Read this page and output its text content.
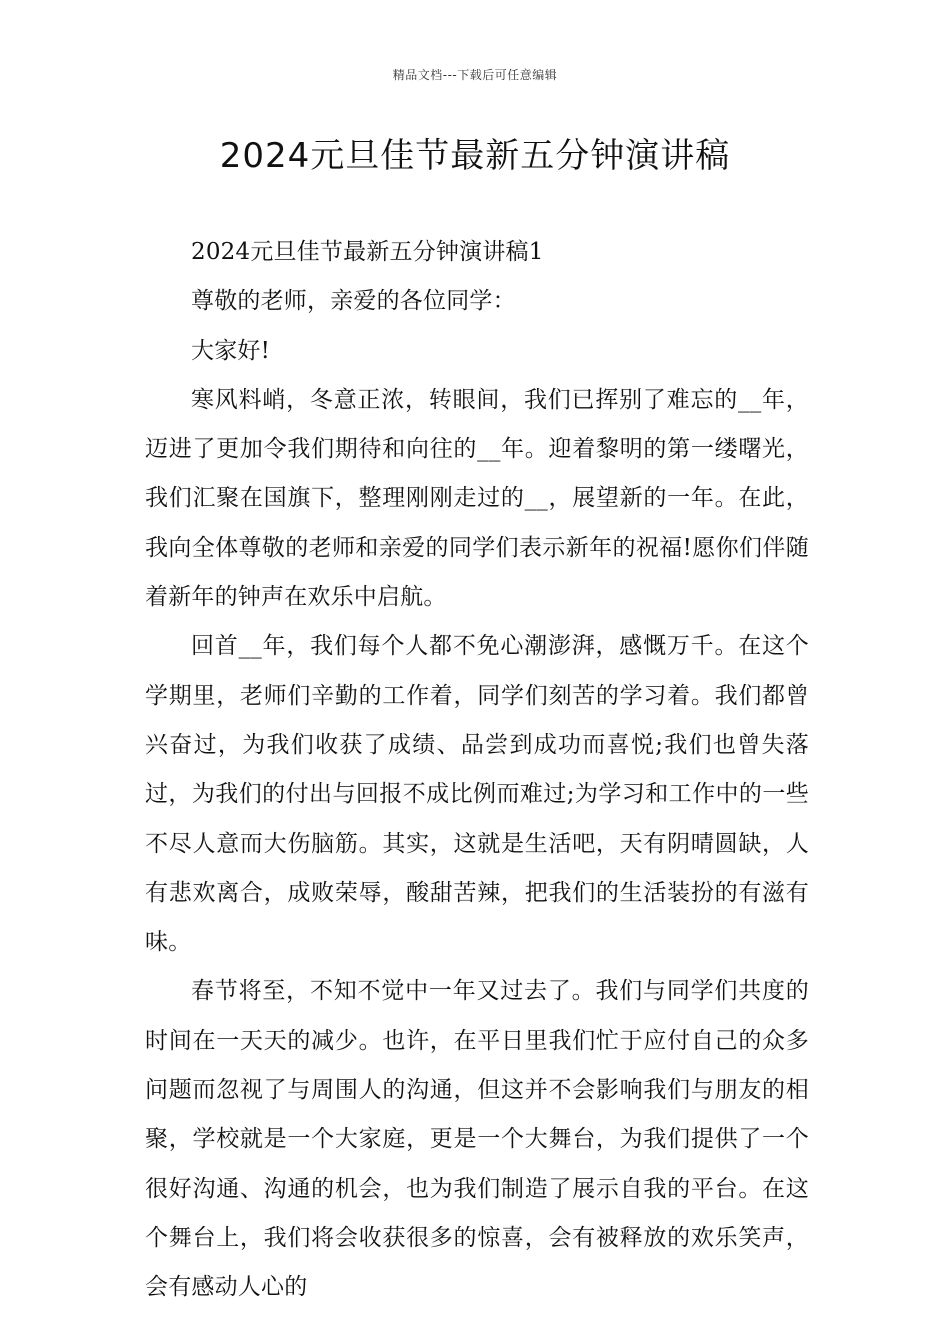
精品文档---下载后可任意编辑
2024元旦佳节最新五分钟演讲稿

2024元旦佳节最新五分钟演讲稿1

尊敬的老师，亲爱的各位同学：

大家好!

寒风料峭，冬意正浓，转眼间，我们已挥别了难忘的__年，迈进了更加令我们期待和向往的__年。迎着黎明的第一缕曙光，我们汇聚在国旗下，整理刚刚走过的__，展望新的一年。在此，我向全体尊敬的老师和亲爱的同学们表示新年的祝福!愿你们伴随着新年的钟声在欢乐中启航。

回首__年，我们每个人都不免心潮澎湃，感慨万千。在这个学期里，老师们辛勤的工作着，同学们刻苦的学习着。我们都曾兴奋过，为我们收获了成绩、品尝到成功而喜悦;我们也曾失落过，为我们的付出与回报不成比例而难过;为学习和工作中的一些不尽人意而大伤脑筋。其实，这就是生活吧，天有阴晴圆缺，人有悲欢离合，成败荣辱，酸甜苦辣，把我们的生活装扮的有滋有味。

春节将至，不知不觉中一年又过去了。我们与同学们共度的时间在一天天的减少。也许，在平日里我们忙于应付自己的众多问题而忽视了与周围人的沟通，但这并不会影响我们与朋友的相聚，学校就是一个大家庭，更是一个大舞台，为我们提供了一个很好沟通、沟通的机会，也为我们制造了展示自我的平台。在这个舞台上，我们将会收获很多的惊喜，会有被释放的欢乐笑声，会有感动人心的
